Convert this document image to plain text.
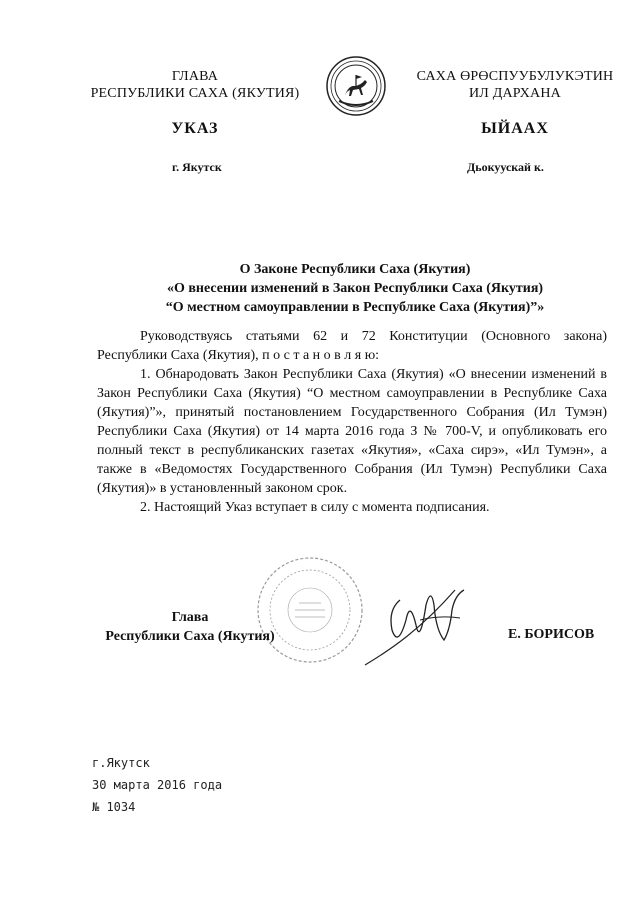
ГЛАВА
РЕСПУБЛИКИ САХА (ЯКУТИЯ)
САХА ӨРӨСПУУБУЛУКЭТИН
ИЛ ДАРХАНА
УКАЗ	ЫЙААХ
г. Якутск	Дьокуускай к.
О Законе Республики Саха (Якутия)
«О внесении изменений в Закон Республики Саха (Якутия)
“О местном самоуправлении в Республике Саха (Якутия)”»

Руководствуясь статьями 62 и 72 Конституции (Основного закона) Республики Саха (Якутия), п о с т а н о в л я ю:

1. Обнародовать Закон Республики Саха (Якутия) «О внесении изменений в Закон Республики Саха (Якутия) “О местном самоуправлении в Республике Саха (Якутия)”», принятый постановлением Государственного Собрания (Ил Тумэн) Республики Саха (Якутия) от 14 марта 2016 года З № 700-V, и опубликовать его полный текст в республиканских газетах «Якутия», «Саха сирэ», «Ил Тумэн», а также в «Ведомостях Государственного Собрания (Ил Тумэн) Республики Саха (Якутия)» в установленный законом срок.

2. Настоящий Указ вступает в силу с момента подписания.

Глава
Республики Саха (Якутия)	Е. БОРИСОВ
г.Якутск
30 марта 2016 года
№ 1034
